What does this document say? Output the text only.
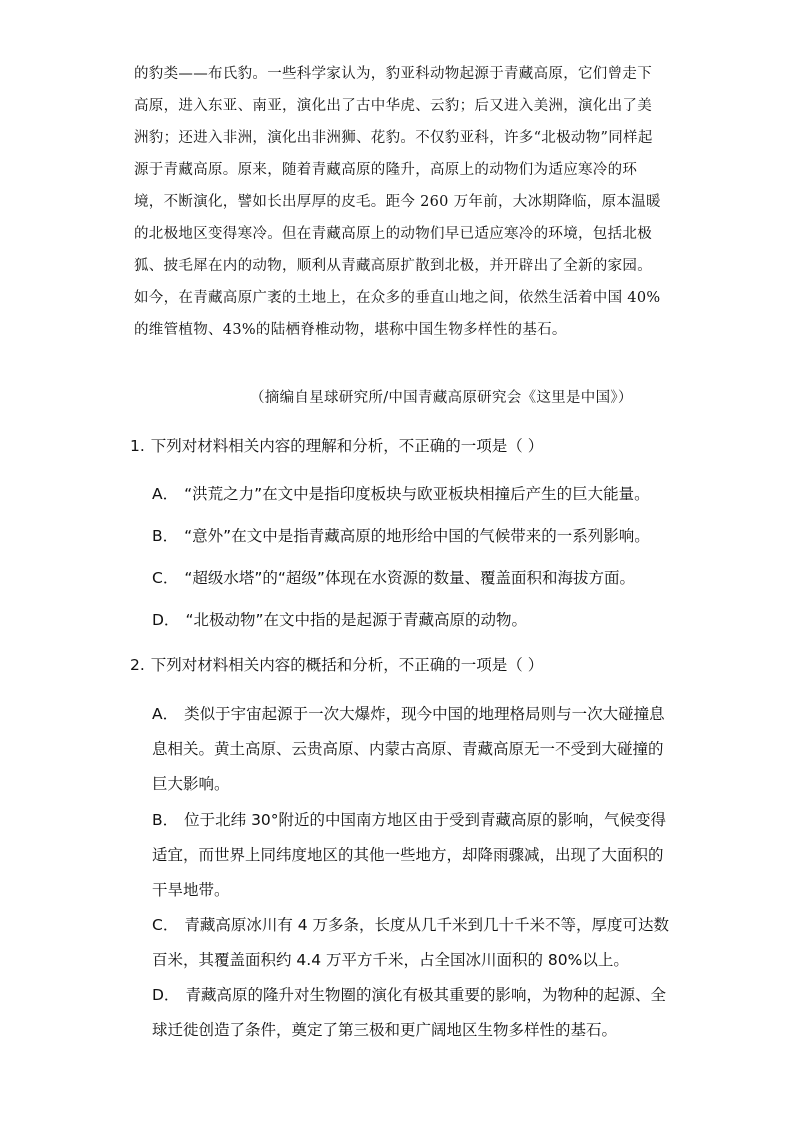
的豹类——布氏豹。一些科学家认为，豹亚科动物起源于青藏高原，它们曾走下高原，进入东亚、南亚，演化出了古中华虎、云豹；后又进入美洲，演化出了美洲豹；还进入非洲，演化出非洲狮、花豹。不仅豹亚科，许多“北极动物”同样起源于青藏高原。原来，随着青藏高原的隆升，高原上的动物们为适应寒冷的环境，不断演化，譬如长出厚厚的皮毛。距今 260 万年前，大冰期降临，原本温暖的北极地区变得寒冷。但在青藏高原上的动物们早已适应寒冷的环境，包括北极狐、披毛犀在内的动物，顺利从青藏高原扩散到北极，并开辟出了全新的家园。如今，在青藏高原广袤的土地上，在众多的垂直山地之间，依然生活着中国 40%的维管植物、43%的陆栖脊椎动物，堪称中国生物多样性的基石。

（摘编自星球研究所/中国青藏高原研究会《这里是中国》）

1. 下列对材料相关内容的理解和分析，不正确的一项是（ ）

A． “洪荒之力”在文中是指印度板块与欧亚板块相撞后产生的巨大能量。
B． “意外”在文中是指青藏高原的地形给中国的气候带来的一系列影响。
C． “超级水塔”的“超级”体现在水资源的数量、覆盖面积和海拔方面。
D． “北极动物”在文中指的是起源于青藏高原的动物。

2. 下列对材料相关内容的概括和分析，不正确的一项是（ ）

A． 类似于宇宙起源于一次大爆炸，现今中国的地理格局则与一次大碰撞息息相关。黄土高原、云贵高原、内蒙古高原、青藏高原无一不受到大碰撞的巨大影响。
B． 位于北纬 30°附近的中国南方地区由于受到青藏高原的影响，气候变得适宜，而世界上同纬度地区的其他一些地方，却降雨骤减，出现了大面积的干旱地带。
C． 青藏高原冰川有 4 万多条，长度从几千米到几十千米不等，厚度可达数百米，其覆盖面积约 4.4 万平方千米，占全国冰川面积的 80%以上。
D． 青藏高原的隆升对生物圈的演化有极其重要的影响，为物种的起源、全球迁徙创造了条件，奠定了第三极和更广阔地区生物多样性的基石。
